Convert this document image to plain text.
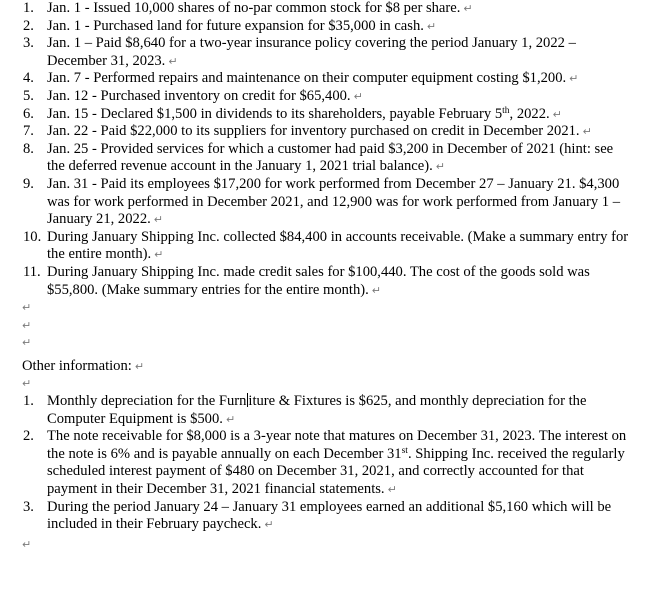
1. Jan. 1 - Issued 10,000 shares of no-par common stock for $8 per share. ↵
2. Jan. 1 - Purchased land for future expansion for $35,000 in cash. ↵
3. Jan. 1 – Paid $8,640 for a two-year insurance policy covering the period January 1, 2022 – December 31, 2023. ↵
4. Jan. 7 - Performed repairs and maintenance on their computer equipment costing $1,200. ↵
5. Jan. 12 - Purchased inventory on credit for $65,400. ↵
6. Jan. 15 - Declared $1,500 in dividends to its shareholders, payable February 5th, 2022. ↵
7. Jan. 22 - Paid $22,000 to its suppliers for inventory purchased on credit in December 2021. ↵
8. Jan. 25 - Provided services for which a customer had paid $3,200 in December of 2021 (hint: see the deferred revenue account in the January 1, 2021 trial balance). ↵
9. Jan. 31 - Paid its employees $17,200 for work performed from December 27 – January 21. $4,300 was for work performed in December 2021, and 12,900 was for work performed from January 1 – January 21, 2022. ↵
10. During January Shipping Inc. collected $84,400 in accounts receivable. (Make a summary entry for the entire month). ↵
11. During January Shipping Inc. made credit sales for $100,440. The cost of the goods sold was $55,800. (Make summary entries for the entire month). ↵
↵
↵
↵
Other information: ↵
↵
1. Monthly depreciation for the Furn iture & Fixtures is $625, and monthly depreciation for the Computer Equipment is $500. ↵
2. The note receivable for $8,000 is a 3-year note that matures on December 31, 2023. The interest on the note is 6% and is payable annually on each December 31st. Shipping Inc. received the regularly scheduled interest payment of $480 on December 31, 2021, and correctly accounted for that payment in their December 31, 2021 financial statements. ↵
3. During the period January 24 – January 31 employees earned an additional $5,160 which will be included in their February paycheck. ↵
↵
